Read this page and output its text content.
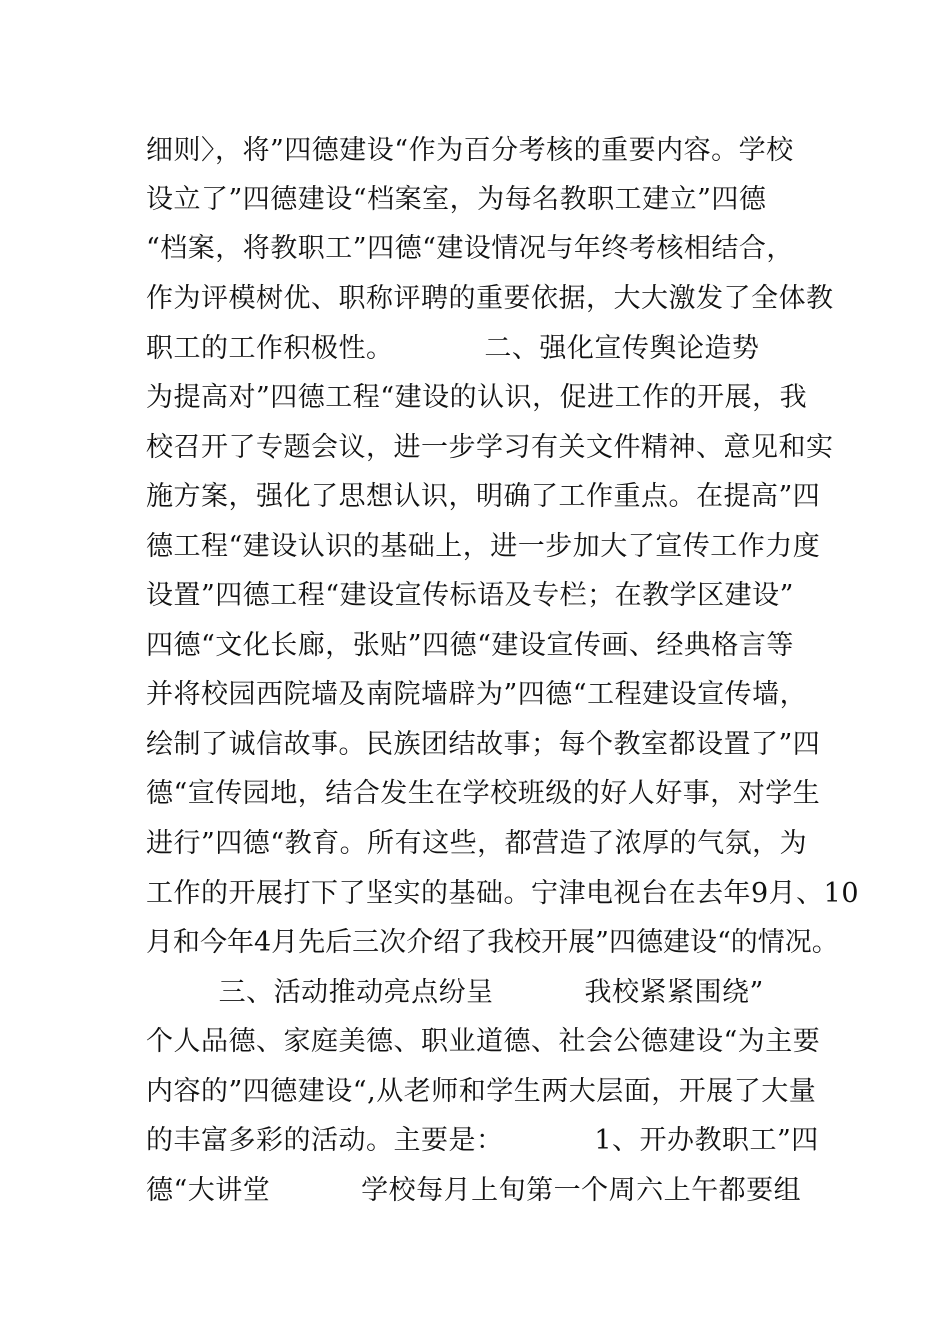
细则〉，将”四德建设“作为百分考核的重要内容。学校
设立了”四德建设“档案室，为每名教职工建立”四德
“档案，将教职工”四德“建设情况与年终考核相结合，
作为评模树优、职称评聘的重要依据，大大激发了全体教
职工的工作积极性。          二、强化宣传舆论造势
为提高对”四德工程“建设的认识，促进工作的开展，我
校召开了专题会议，进一步学习有关文件精神、意见和实
施方案，强化了思想认识，明确了工作重点。在提高”四
德工程“建设认识的基础上，进一步加大了宣传工作力度
设置”四德工程“建设宣传标语及专栏；在教学区建设”
四德“文化长廊，张贴”四德“建设宣传画、经典格言等
并将校园西院墙及南院墙辟为”四德“工程建设宣传墙，
绘制了诚信故事。民族团结故事；每个教室都设置了”四
德“宣传园地，结合发生在学校班级的好人好事，对学生
进行”四德“教育。所有这些，都营造了浓厚的气氛，为
工作的开展打下了坚实的基础。宁津电视台在去年9月、10
月和今年4月先后三次介绍了我校开展”四德建设“的情况。
三、活动推动亮点纷呈          我校紧紧围绕”
个人品德、家庭美德、职业道德、社会公德建设“为主要
内容的”四德建设“,从老师和学生两大层面，开展了大量
的丰富多彩的活动。主要是：          1、开办教职工”四
德“大讲堂          学校每月上旬第一个周六上午都要组
